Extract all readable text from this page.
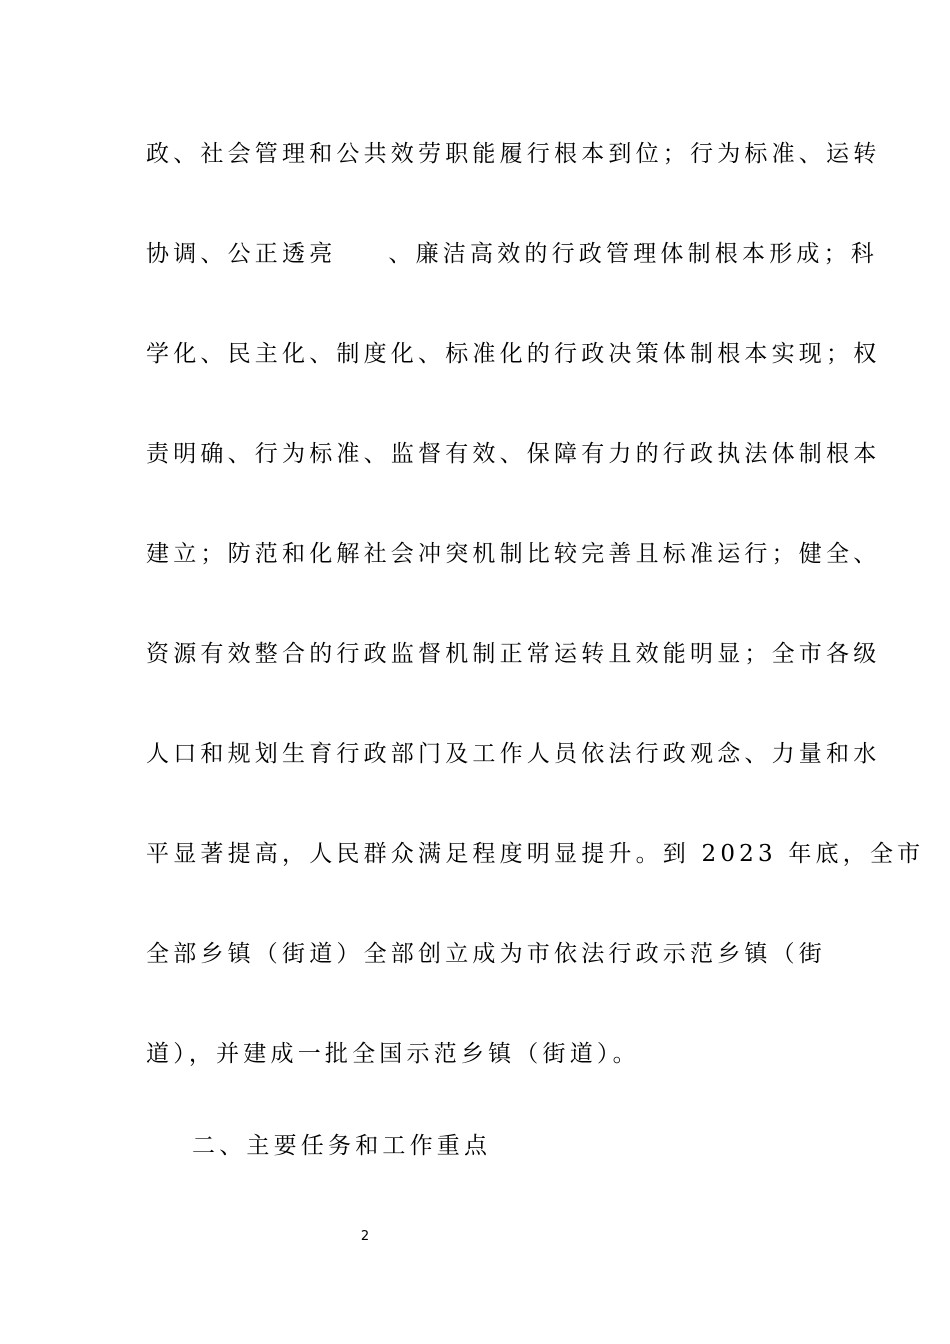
政、社会管理和公共效劳职能履行根本到位；行为标准、运转
协调、公正透亮 、廉洁高效的行政管理体制根本形成；科
学化、民主化、制度化、标准化的行政决策体制根本实现；权
责明确、行为标准、监督有效、保障有力的行政执法体制根本
建立；防范和化解社会冲突机制比较完善且标准运行；健全、
资源有效整合的行政监督机制正常运转且效能明显；全市各级
人口和规划生育行政部门及工作人员依法行政观念、力量和水
平显著提高，人民群众满足程度明显提升。到 2023 年底，全市
全部乡镇（街道）全部创立成为市依法行政示范乡镇（街
道），并建成一批全国示范乡镇（街道）。
二、主要任务和工作重点
2
